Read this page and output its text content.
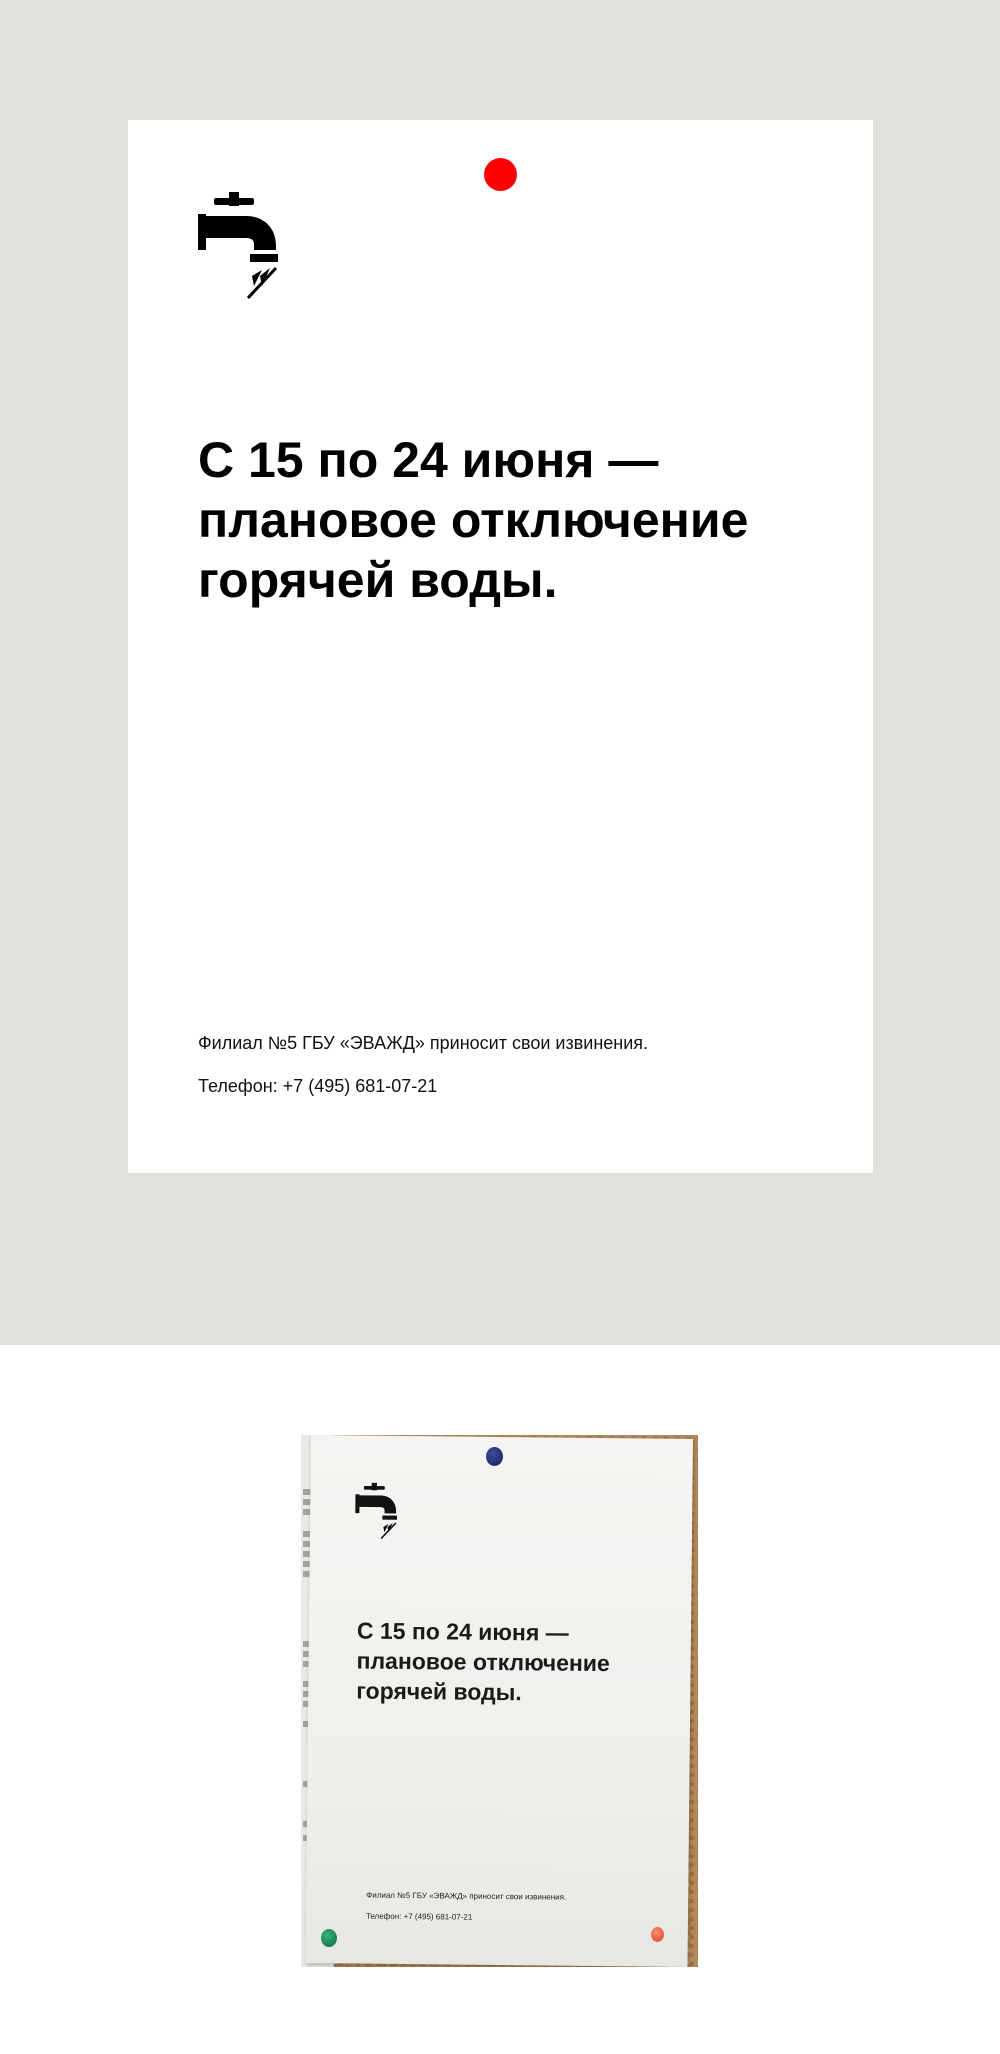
С 15 по 24 июня —
плановое отключение
горячей воды.
Филиал №5 ГБУ «ЭВАЖД» приносит свои извинения.
Телефон: +7 (495) 681-07-21
С 15 по 24 июня —
плановое отключение
горячей воды.
Филиал №5 ГБУ «ЭВАЖД» приносит свои извинения.
Телефон: +7 (495) 681-07-21
